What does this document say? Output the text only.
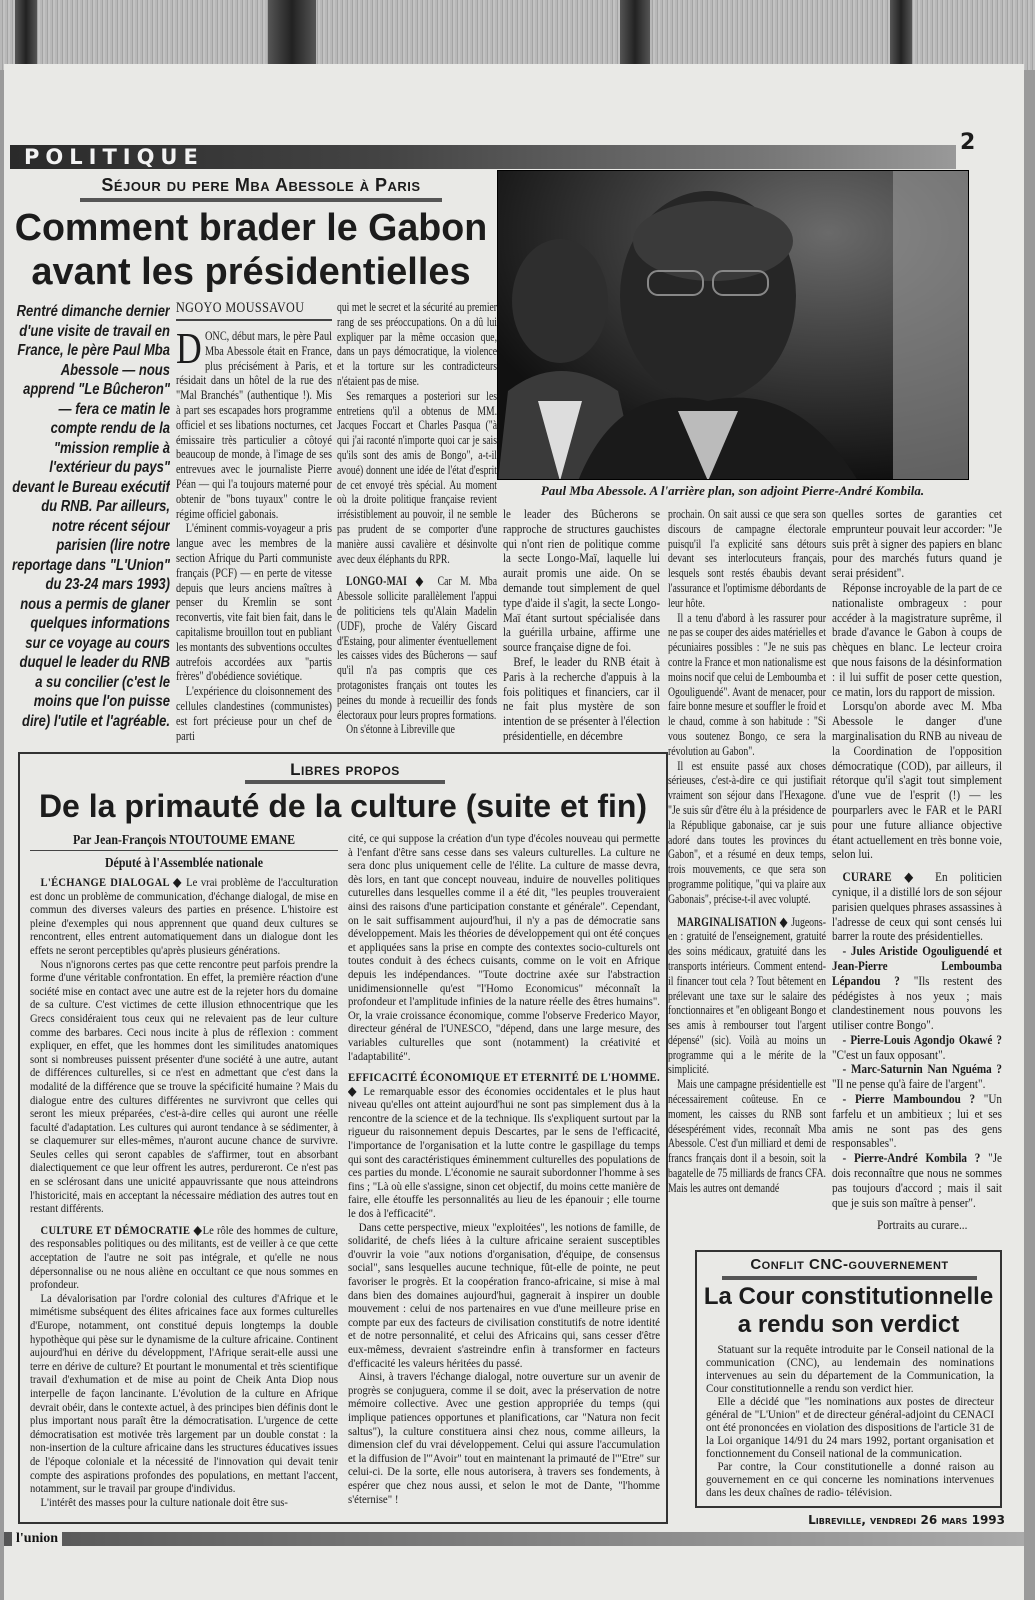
POLITIQUE
2
Séjour du pere Mba Abessole à Paris
Comment brader le Gabon
avant les présidentielles
Paul Mba Abessole. A l'arrière plan, son adjoint Pierre-André Kombila.
Rentré dimanche dernier d'une visite de travail en France, le père Paul Mba Abessole — nous apprend "Le Bûcheron" — fera ce matin le compte rendu de la "mission remplie à l'extérieur du pays" devant le Bureau exécutif du RNB. Par ailleurs, notre récent séjour parisien (lire notre reportage dans "L'Union" du 23-24 mars 1993) nous a permis de glaner quelques informations sur ce voyage au cours duquel le leader du RNB a su concilier (c'est le moins que l'on puisse dire) l'utile et l'agréable.
NGOYO MOUSSAVOU

DONC, début mars, le père Paul Mba Abessole était en France, plus précisément à Paris, et résidait dans un hôtel de la rue des "Mal Branchés" (authentique !). Mis à part ses escapades hors programme officiel et ses libations nocturnes, cet émissaire très particulier a côtoyé beaucoup de monde, à l'image de ses entrevues avec le journaliste Pierre Péan — qui l'a toujours materné pour obtenir de "bons tuyaux" contre le régime officiel gabonais.

L'éminent commis-voyageur a pris langue avec les membres de la section Afrique du Parti communiste français (PCF) — en perte de vitesse depuis que leurs anciens maîtres à penser du Kremlin se sont reconvertis, vite fait bien fait, dans le capitalisme brouillon tout en publiant les montants des subventions occultes autrefois accordées aux "partis frères" d'obédience soviétique.

L'expérience du cloisonnement des cellules clandestines (communistes) est fort précieuse pour un chef de parti

qui met le secret et la sécurité au premier rang de ses préoccupations. On a dû lui expliquer par la même occasion que, dans un pays démocratique, la violence et la torture sur les contradicteurs n'étaient pas de mise.

Ses remarques a posteriori sur les entretiens qu'il a obtenus de MM. Jacques Foccart et Charles Pasqua ("à qui j'ai raconté n'importe quoi car je sais qu'ils sont des amis de Bongo", a-t-il avoué) donnent une idée de l'état d'esprit de cet envoyé très spécial. Au moment où la droite politique française revient irrésistiblement au pouvoir, il ne semble pas prudent de se comporter d'une manière aussi cavalière et désinvolte avec deux éléphants du RPR.

LONGO-MAI ◆ Car M. Mba Abessole sollicite parallèlement l'appui de politiciens tels qu'Alain Madelin (UDF), proche de Valéry Giscard d'Estaing, pour alimenter éventuellement les caisses vides des Bûcherons — sauf qu'il n'a pas compris que ces protagonistes français ont toutes les peines du monde à recueillir des fonds électoraux pour leurs propres formations.

On s'étonne à Libreville que

le leader des Bûcherons se rapproche de structures gauchistes qui n'ont rien de politique comme la secte Longo-Maï, laquelle lui aurait promis une aide. On se demande tout simplement de quel type d'aide il s'agit, la secte Longo-Maï étant surtout spécialisée dans la guérilla urbaine, affirme une source française digne de foi.

Bref, le leader du RNB était à Paris à la recherche d'appuis à la fois politiques et financiers, car il ne fait plus mystère de son intention de se présenter à l'élection présidentielle, en décembre

prochain. On sait aussi ce que sera son discours de campagne électorale puisqu'il l'a explicité sans détours devant ses interlocuteurs français, lesquels sont restés ébaubis devant l'assurance et l'optimisme débordants de leur hôte.

Il a tenu d'abord à les rassurer pour ne pas se couper des aides matérielles et pécuniaires possibles : "Je ne suis pas contre la France et mon nationalisme est moins nocif que celui de Lemboumba et Ogouliguendé". Avant de menacer, pour faire bonne mesure et souffler le froid et le chaud, comme à son habitude : "Si vous soutenez Bongo, ce sera la révolution au Gabon".

Il est ensuite passé aux choses sérieuses, c'est-à-dire ce qui justifiait vraiment son séjour dans l'Hexagone. "Je suis sûr d'être élu à la présidence de la République gabonaise, car je suis adoré dans toutes les provinces du Gabon", et a résumé en deux temps, trois mouvements, ce que sera son programme politique, "qui va plaire aux Gabonais", précise-t-il avec volupté.

MARGINALISATION ◆ Jugeons-en : gratuité de l'enseignement, gratuité des soins médicaux, gratuité dans les transports intérieurs. Comment entend-il financer tout cela ? Tout bêtement en prélevant une taxe sur le salaire des fonctionnaires et "en obligeant Bongo et ses amis à rembourser tout l'argent dépensé" (sic). Voilà au moins un programme qui a le mérite de la simplicité.

Mais une campagne présidentielle est nécessairement coûteuse. En ce moment, les caisses du RNB sont désespérément vides, reconnaît Mba Abessole. C'est d'un milliard et demi de francs français dont il a besoin, soit la bagatelle de 75 milliards de francs CFA. Mais les autres ont demandé

quelles sortes de garanties cet emprunteur pouvait leur accorder: "Je suis prêt à signer des papiers en blanc pour des marchés futurs quand je serai président".

Réponse incroyable de la part de ce nationaliste ombrageux : pour accéder à la magistrature suprême, il brade d'avance le Gabon à coups de chèques en blanc. Le lecteur croira que nous faisons de la désinformation : il lui suffit de poser cette question, ce matin, lors du rapport de mission.

Lorsqu'on aborde avec M. Mba Abessole le danger d'une marginalisation du RNB au niveau de la Coordination de l'opposition démocratique (COD), par ailleurs, il rétorque qu'il s'agit tout simplement d'une vue de l'esprit (!) — les pourparlers avec le FAR et le PARI pour une future alliance objective étant actuellement en très bonne voie, selon lui.

CURARE ◆ En politicien cynique, il a distillé lors de son séjour parisien quelques phrases assassines à l'adresse de ceux qui sont censés lui barrer la route des présidentielles.

- Jules Aristide Ogouliguendé et Jean-Pierre Lemboumba Lépandou ? "Ils restent des pédégistes à nos yeux ; mais clandestinement nous pouvons les utiliser contre Bongo".

- Pierre-Louis Agondjo Okawé ? "C'est un faux opposant".

- Marc-Saturnin Nan Nguéma ? "Il ne pense qu'à faire de l'argent".

- Pierre Mamboundou ? "Un farfelu et un ambitieux ; lui et ses amis ne sont pas des gens responsables".

- Pierre-André Kombila ? "Je dois reconnaître que nous ne sommes pas toujours d'accord ; mais il sait que je suis son maître à penser".

Portraits au curare...

Libres propos
De la primauté de la culture (suite et fin)
Par Jean-François NTOUTOUME EMANE
Député à l'Assemblée nationale

L'ÉCHANGE DIALOGAL ◆ Le vrai problème de l'acculturation est donc un problème de communication, d'échange dialogal, de mise en commun des diverses valeurs des parties en présence. L'histoire est pleine d'exemples qui nous apprennent que quand deux cultures se rencontrent, elles entrent automatiquement dans un dialogue dont les effets ne seront perceptibles qu'après plusieurs générations.

Nous n'ignorons certes pas que cette rencontre peut parfois prendre la forme d'une véritable confrontation. En effet, la première réaction d'une société mise en contact avec une autre est de la rejeter hors du domaine de sa culture. C'est victimes de cette illusion ethnocentrique que les Grecs considéraient tous ceux qui ne relevaient pas de leur culture comme des barbares. Ceci nous incite à plus de réflexion : comment expliquer, en effet, que les hommes dont les similitudes anatomiques sont si nombreuses puissent présenter d'une société à une autre, autant de différences culturelles, si ce n'est en admettant que c'est dans la modalité de la différence que se trouve la spécificité humaine ? Mais du dialogue entre des cultures différentes ne survivront que celles qui seront les mieux préparées, c'est-à-dire celles qui auront une réelle faculté d'adaptation. Les cultures qui auront tendance à se sédimenter, à se claquemurer sur elles-mêmes, n'auront aucune chance de survivre. Seules celles qui seront capables de s'affirmer, tout en absorbant dialectiquement ce que leur offrent les autres, perdureront. Ce n'est pas en se sclérosant dans une unicité appauvrissante que nous atteindrons l'historicité, mais en acceptant la nécessaire médiation des autres tout en restant différents.

CULTURE ET DÉMOCRATIE ◆Le rôle des hommes de culture, des responsables politiques ou des militants, est de veiller à ce que cette acceptation de l'autre ne soit pas intégrale, et qu'elle ne nous dépersonnalise ou ne nous aliène en occultant ce que nous sommes en profondeur.

La dévalorisation par l'ordre colonial des cultures d'Afrique et le mimétisme subséquent des élites africaines face aux formes culturelles d'Europe, notamment, ont constitué depuis longtemps la double hypothèque qui pèse sur le dynamisme de la culture africaine. Continent aujourd'hui en dérive du développment, l'Afrique serait-elle aussi une terre en dérive de culture? Et pourtant le monumental et très scientifique travail d'exhumation et de mise au point de Cheik Anta Diop nous interpelle de façon lancinante. L'évolution de la culture en Afrique devrait obéir, dans le contexte actuel, à des principes bien définis dont le plus important nous paraît être la démocratisation. L'urgence de cette démocratisation est motivée très largement par un double constat : la non-insertion de la culture africaine dans les structures éducatives issues de l'époque coloniale et la nécessité de l'innovation qui devait tenir compte des aspirations profondes des populations, en mettant l'accent, notamment, sur le travail par groupe d'individus.

L'intérêt des masses pour la culture nationale doit être sus-

cité, ce qui suppose la création d'un type d'écoles nouveau qui permette à l'enfant d'être sans cesse dans ses valeurs culturelles. La culture ne sera donc plus uniquement celle de l'élite. La culture de masse devra, dès lors, en tant que concept nouveau, induire de nouvelles politiques cuturelles dans lesquelles comme il a été dit, "les peuples trouveraient ainsi des raisons d'une participation constante et générale". Cependant, on le sait suffisamment aujourd'hui, il n'y a pas de démocratie sans développement. Mais les théories de développement qui ont été conçues et appliquées sans la prise en compte des contextes socio-culturels ont toutes conduit à des échecs cuisants, comme on le voit en Afrique depuis les indépendances. "Toute doctrine axée sur l'abstraction unidimensionnelle qu'est "l'Homo Economicus" méconnaît la profondeur et l'amplitude infinies de la nature réelle des êtres humains". Or, la vraie croissance économique, comme l'observe Frederico Mayor, directeur général de l'UNESCO, "dépend, dans une large mesure, des variables culturelles que sont (notamment) la créativité et l'adaptabilité".

EFFICACITÉ ÉCONOMIQUE ET ETERNITÉ DE L'HOMME. ◆ Le remarquable essor des économies occidentales et le plus haut niveau qu'elles ont atteint aujourd'hui ne sont pas simplement dus à la rencontre de la science et de la technique. Ils s'expliquent surtout par la rigueur du raisonnement depuis Descartes, par le sens de l'efficacité, l'importance de l'organisation et la lutte contre le gaspillage du temps qui sont des caractéristiques éminemment culturelles des populations de ces parties du monde. L'économie ne saurait subordonner l'homme à ses fins ; "Là où elle s'assigne, sinon cet objectif, du moins cette manière de faire, elle étouffe les personnalités au lieu de les épanouir ; elle tourne le dos à l'efficacité".

Dans cette perspective, mieux "exploitées", les notions de famille, de solidarité, de chefs liées à la culture africaine seraient susceptibles d'ouvrir la voie "aux notions d'organisation, d'équipe, de consensus social", sans lesquelles aucune technique, fût-elle de pointe, ne peut favoriser le progrès. Et la coopération franco-africaine, si mise à mal dans bien des domaines aujourd'hui, gagnerait à inspirer un double mouvement : celui de nos partenaires en vue d'une meilleure prise en compte par eux des facteurs de civilisation constitutifs de notre identité et de notre personnalité, et celui des Africains qui, sans cesser d'être eux-mêmess, devraient s'astreindre enfin à transformer en facteurs d'efficacité les valeurs héritées du passé.

Ainsi, à travers l'échange dialogal, notre ouverture sur un avenir de progrès se conjuguera, comme il se doit, avec la préservation de notre mémoire collective. Avec une gestion appropriée du temps (qui implique patiences opportunes et planifications, car "Natura non fecit saltus"), la culture constituera ainsi chez nous, comme ailleurs, la dimension clef du vrai développement. Celui qui assure l'accumulation et la diffusion de l'"Avoir" tout en maintenant la primauté de l'"Etre" sur celui-ci. De la sorte, elle nous autorisera, à travers ses fondements, à espérer que chez nous aussi, et selon le mot de Dante, "l'homme s'éternise" !

Conflit CNC-gouvernement
La Cour constitutionnelle a rendu son verdict

Statuant sur la requête introduite par le Conseil national de la communication (CNC), au lendemain des nominations intervenues au sein du département de la Communication, la Cour constitutionnelle a rendu son verdict hier.

Elle a décidé que "les nominations aux postes de directeur général de "L'Union" et de directeur général-adjoint du CENACI ont été prononcées en violation des dispositions de l'article 31 de la Loi organique 14/91 du 24 mars 1992, portant organisation et fonctionnement du Conseil national de la communication.

Par contre, la Cour constitutionelle a donné raison au gouvernement en ce qui concerne les nominations intervenues dans les deux chaînes de radio- télévision.

Libreville, vendredi 26 mars 1993
l'union
